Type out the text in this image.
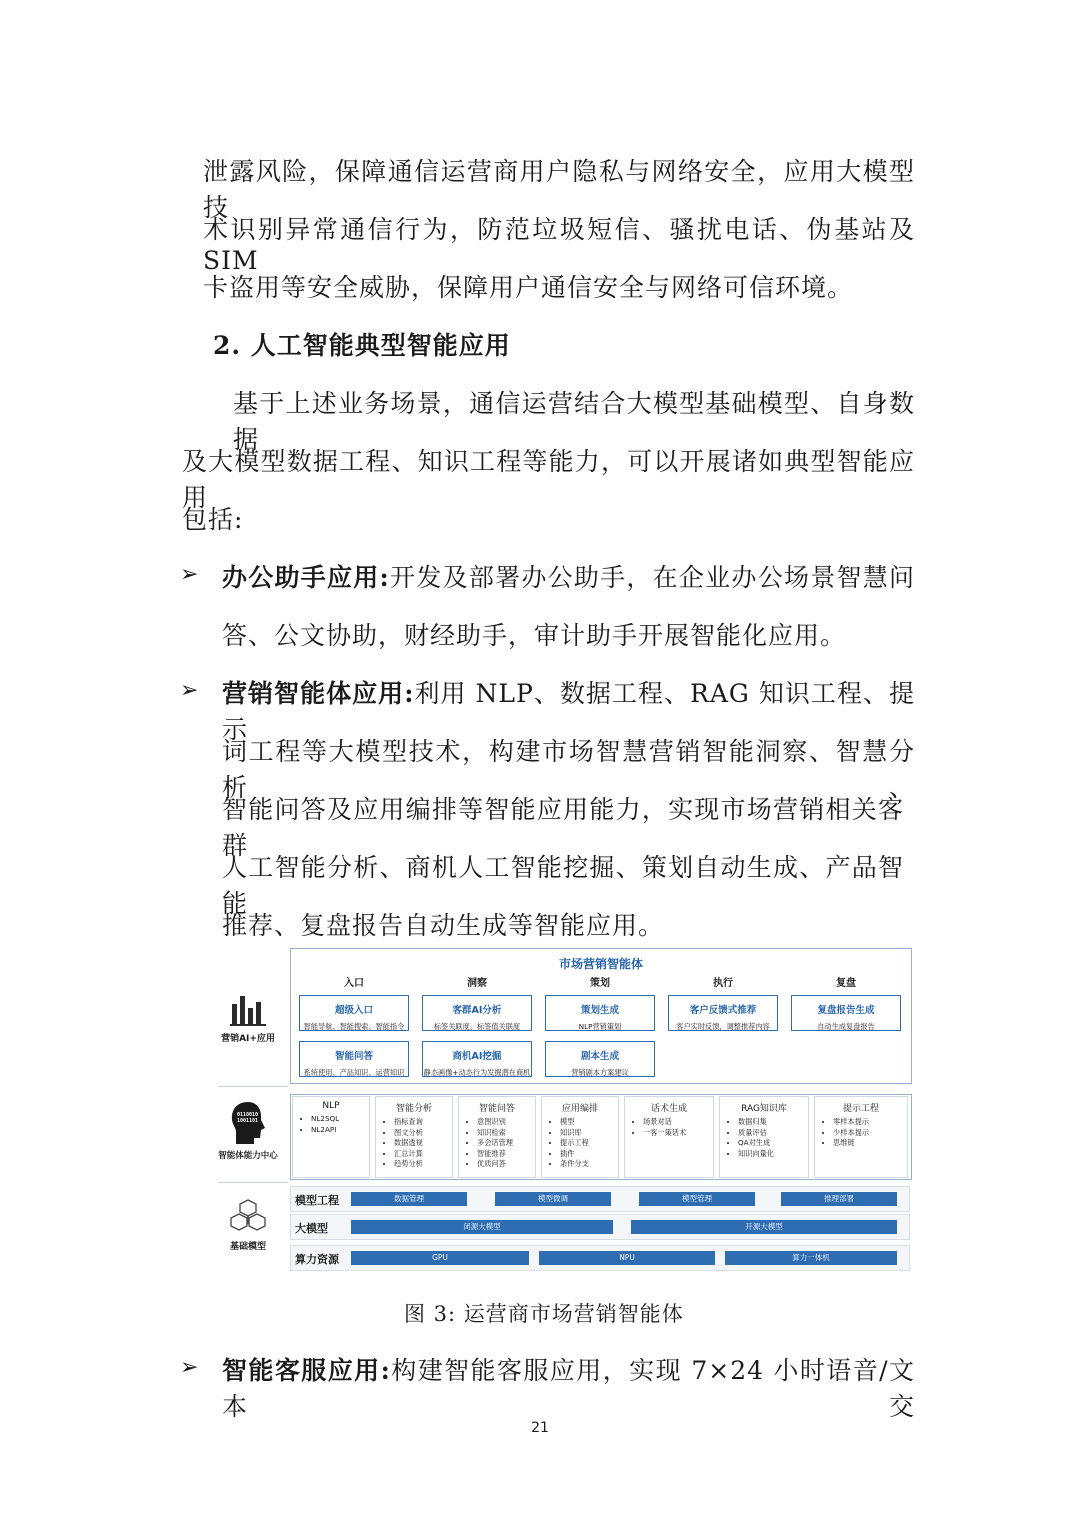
泄露风险，保障通信运营商用户隐私与网络安全，应用大模型技
术识别异常通信行为，防范垃圾短信、骚扰电话、伪基站及 SIM
卡盗用等安全威胁，保障用户通信安全与网络可信环境。
2. 人工智能典型智能应用
基于上述业务场景，通信运营结合大模型基础模型、自身数据
及大模型数据工程、知识工程等能力，可以开展诸如典型智能应用
包括:
➢ 办公助手应用:开发及部署办公助手，在企业办公场景智慧问
答、公文协助，财经助手，审计助手开展智能化应用。
➢ 营销智能体应用:利用 NLP、数据工程、RAG 知识工程、提示
词工程等大模型技术，构建市场智慧营销智能洞察、智慧分析、
智能问答及应用编排等智能应用能力，实现市场营销相关客群
人工智能分析、商机人工智能挖掘、策划自动生成、产品智能
推荐、复盘报告自动生成等智能应用。
营销AI+应用
0110010
1001101
智能体能力中心
基础模型
市场营销智能体
入口	洞察	策划	执行	复盘
超级入口
智能导航、智能搜索、智能指令
客群AI分析
标签关联度、标签值关联度
策划生成
NLP营销策划
客户反馈式推荐
客户实时反馈，调整推荐内容
复盘报告生成
自动生成复盘报告
智能问答
系统使用、产品知识、运营知识
商机AI挖掘
静态画像+动态行为发掘潜在商机
剧本生成
营销剧本方案建议
NLP
• NL2SQL
• NL2API
智能分析
• 指标查询
• 图文分析
• 数据透视
• 汇总计算
• 趋势分析
智能问答
• 意图识别
• 知识检索
• 多会话管理
• 智能推荐
• 优质问答
应用编排
• 模型
• 知识库
• 提示工程
• 插件
• 条件分支
话术生成
• 场景对话
• 一客一策话术
RAG知识库
• 数据归集
• 质量评估
• QA对生成
• 知识向量化
提示工程
• 零样本提示
• 少样本提示
• 思维链
模型工程	数据管理	模型微调	模型管理	推理部署
大模型	闭源大模型	开源大模型
算力资源	GPU	NPU	算力一体机
图 3: 运营商市场营销智能体
➢ 智能客服应用:构建智能客服应用，实现 7×24 小时语音/文本交
21
